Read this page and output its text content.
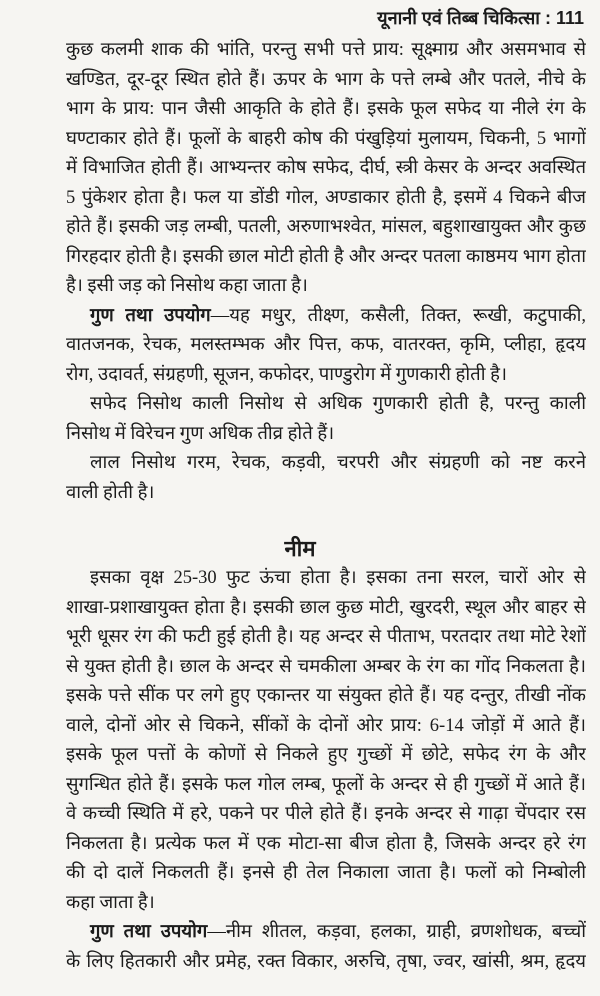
यूनानी एवं तिब्ब चिकित्सा : 111
कुछ कलमी शाक की भांति, परन्तु सभी पत्ते प्राय: सूक्ष्माग्र और असमभाव से
खण्डित, दूर-दूर स्थित होते हैं। ऊपर के भाग के पत्ते लम्बे और पतले, नीचे के
भाग के प्राय: पान जैसी आकृति के होते हैं। इसके फूल सफेद या नीले रंग के
घण्टाकार होते हैं। फूलों के बाहरी कोष की पंखुड़ियां मुलायम, चिकनी, 5 भागों
में विभाजित होती हैं। आभ्यन्तर कोष सफेद, दीर्घ, स्त्री केसर के अन्दर अवस्थित
5 पुंकेशर होता है। फल या डोंडी गोल, अण्डाकार होती है, इसमें 4 चिकने बीज
होते हैं। इसकी जड़ लम्बी, पतली, अरुणाभश्वेत, मांसल, बहुशाखायुक्त और कुछ
गिरहदार होती है। इसकी छाल मोटी होती है और अन्दर पतला काष्ठमय भाग होता
है। इसी जड़ को निसोथ कहा जाता है।
गुण तथा उपयोग—यह मधुर, तीक्ष्ण, कसैली, तिक्त, रूखी, कटुपाकी,
वातजनक, रेचक, मलस्तम्भक और पित्त, कफ, वातरक्त, कृमि, प्लीहा, हृदय
रोग, उदावर्त, संग्रहणी, सूजन, कफोदर, पाण्डुरोग में गुणकारी होती है।
सफेद निसोथ काली निसोथ से अधिक गुणकारी होती है, परन्तु काली
निसोथ में विरेचन गुण अधिक तीव्र होते हैं।
लाल निसोथ गरम, रेचक, कड़वी, चरपरी और संग्रहणी को नष्ट करने
वाली होती है।
नीम
इसका वृक्ष 25-30 फुट ऊंचा होता है। इसका तना सरल, चारों ओर से
शाखा-प्रशाखायुक्त होता है। इसकी छाल कुछ मोटी, खुरदरी, स्थूल और बाहर से
भूरी धूसर रंग की फटी हुई होती है। यह अन्दर से पीताभ, परतदार तथा मोटे रेशों
से युक्त होती है। छाल के अन्दर से चमकीला अम्बर के रंग का गोंद निकलता है।
इसके पत्ते सींक पर लगे हुए एकान्तर या संयुक्त होते हैं। यह दन्तुर, तीखी नोंक
वाले, दोनों ओर से चिकने, सींकों के दोनों ओर प्राय: 6-14 जोड़ों में आते हैं।
इसके फूल पत्तों के कोणों से निकले हुए गुच्छों में छोटे, सफेद रंग के और
सुगन्धित होते हैं। इसके फल गोल लम्ब, फूलों के अन्दर से ही गुच्छों में आते हैं।
वे कच्ची स्थिति में हरे, पकने पर पीले होते हैं। इनके अन्दर से गाढ़ा चेंपदार रस
निकलता है। प्रत्येक फल में एक मोटा-सा बीज होता है, जिसके अन्दर हरे रंग
की दो दालें निकलती हैं। इनसे ही तेल निकाला जाता है। फलों को निम्बोली
कहा जाता है।
गुण तथा उपयोग—नीम शीतल, कड़वा, हलका, ग्राही, व्रणशोधक, बच्चों
के लिए हितकारी और प्रमेह, रक्त विकार, अरुचि, तृषा, ज्वर, खांसी, श्रम, हृदय
